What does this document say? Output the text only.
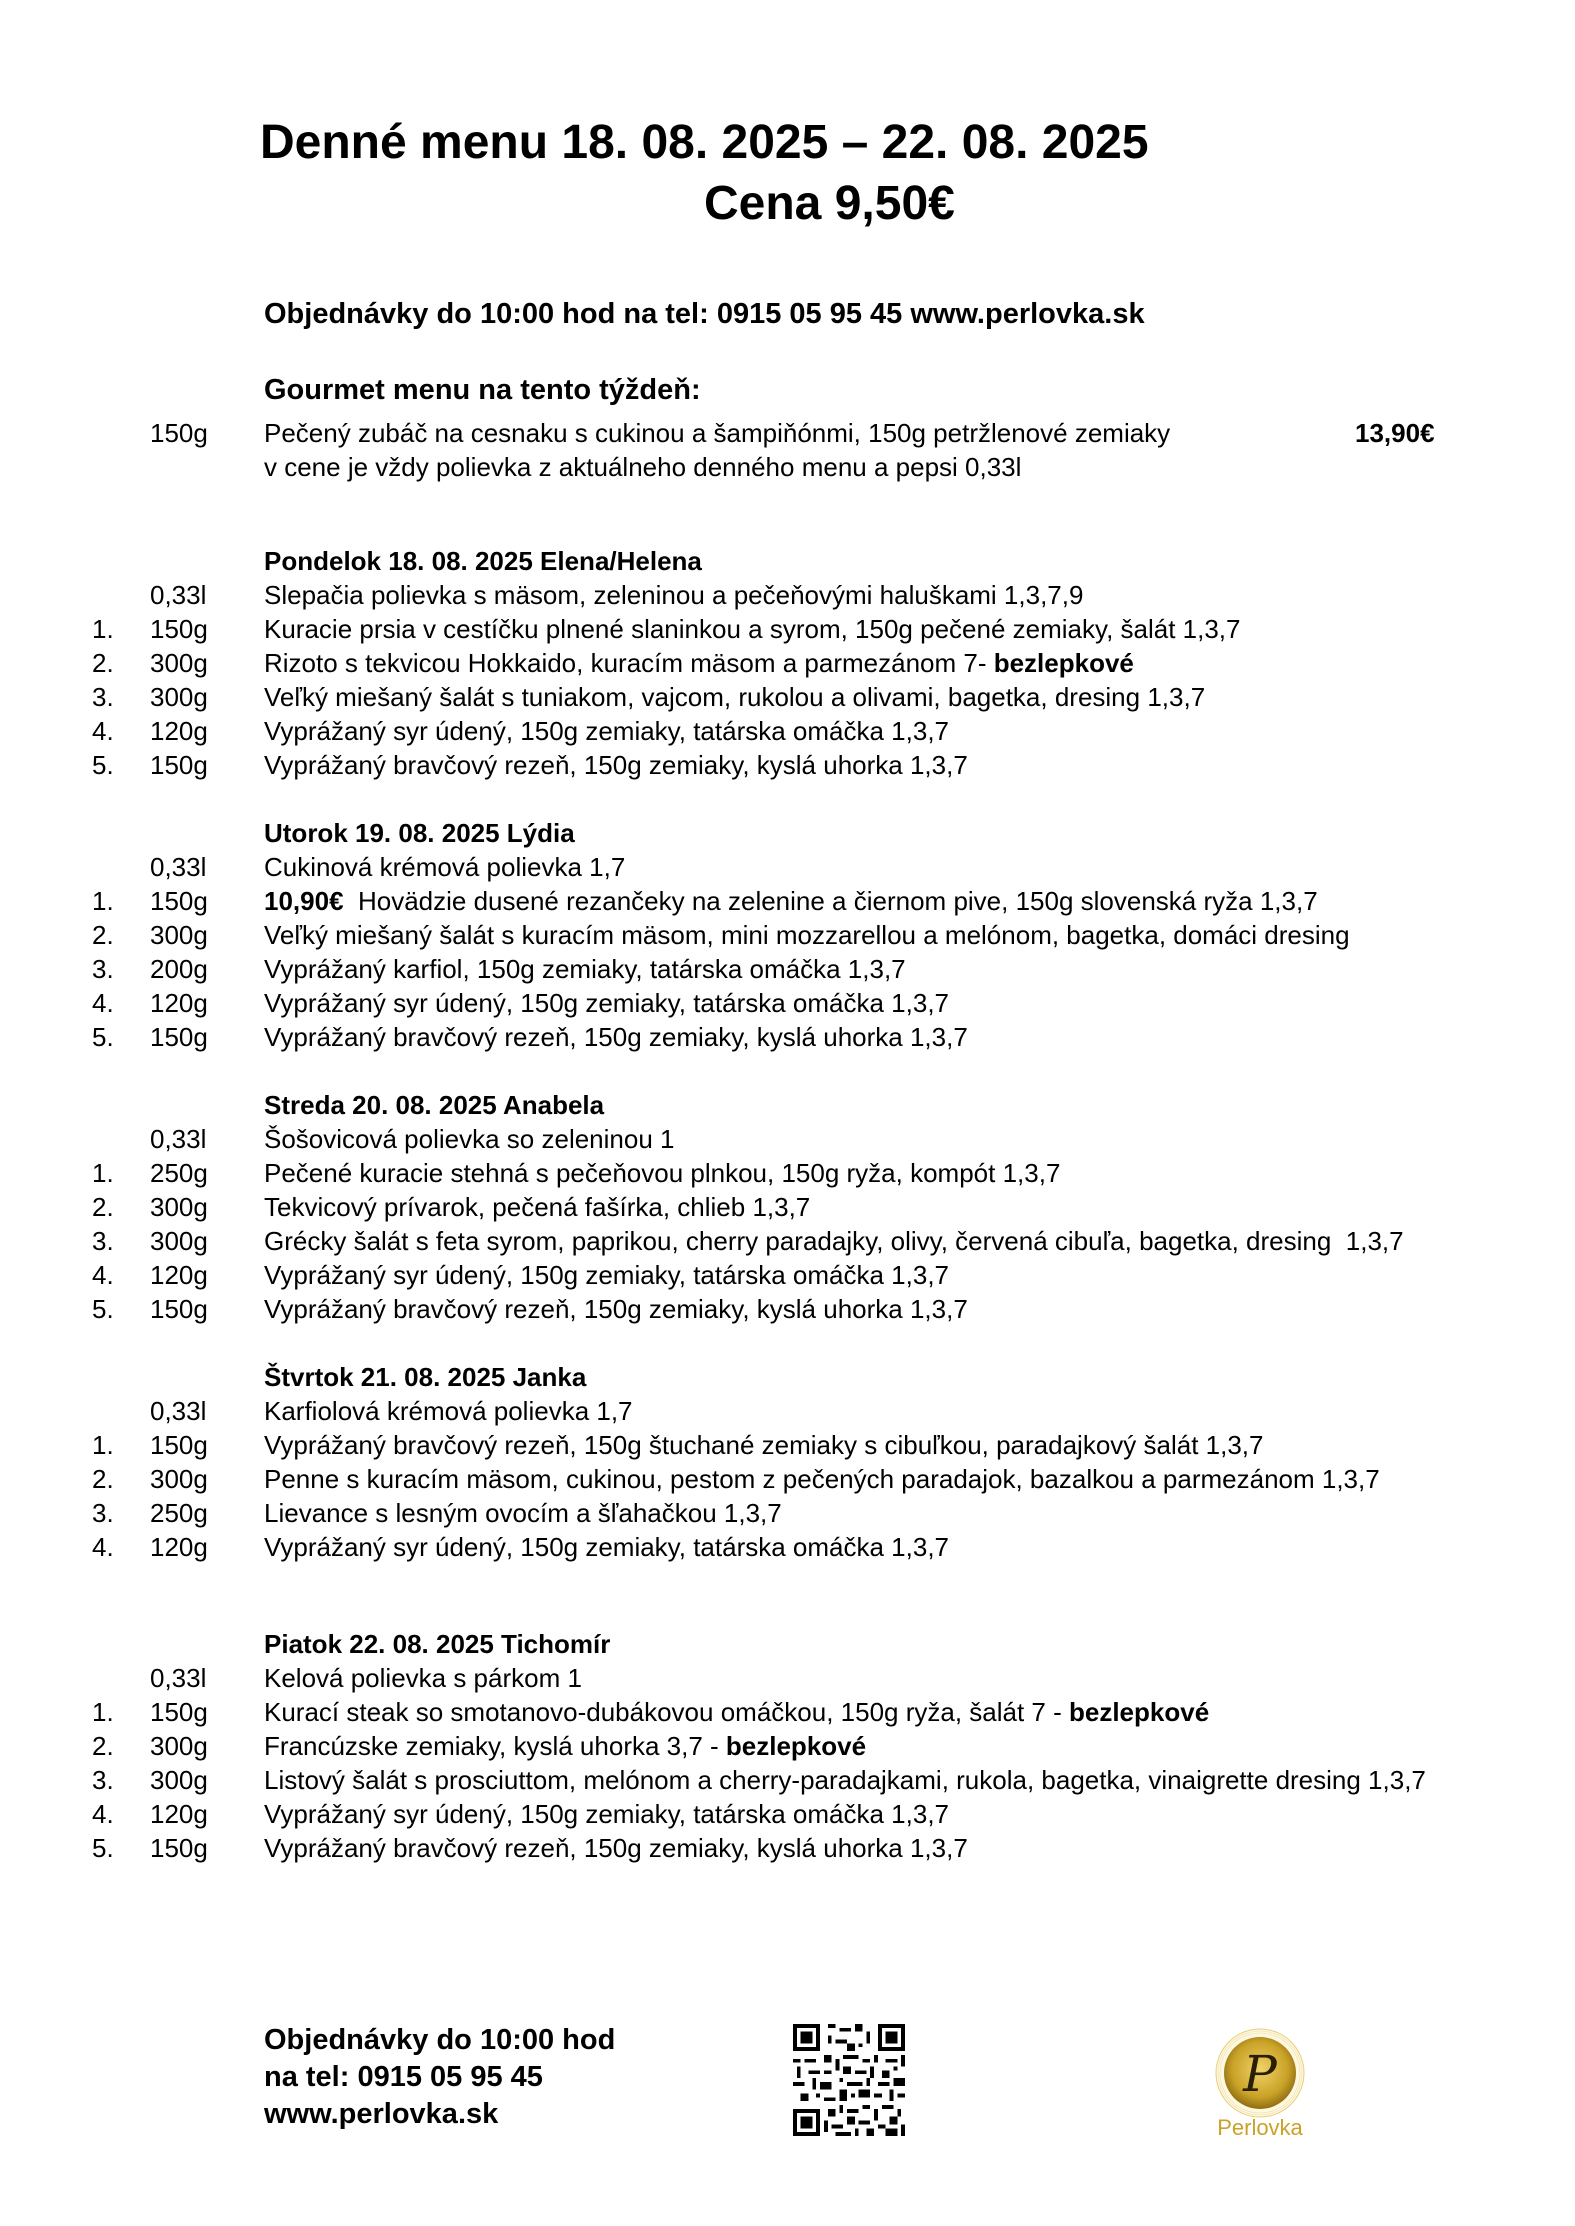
Denné menu 18. 08. 2025 – 22. 08. 2025
Cena 9,50€
Objednávky do 10:00 hod na tel: 0915 05 95 45 www.perlovka.sk
Gourmet menu na tento týždeň:
150g Pečený zubáč na cesnaku s cukinou a šampiňónmi, 150g petržlenové zemiaky	13,90€
v cene je vždy polievka z aktuálneho denného menu a pepsi 0,33l
Pondelok 18. 08. 2025 Elena/Helena
0,33l Slepačia polievka s mäsom, zeleninou a pečeňovými haluškami 1,3,7,9
1. 150g Kuracie prsia v cestíčku plnené slaninkou a syrom, 150g pečené zemiaky, šalát 1,3,7
2. 300g Rizoto s tekvicou Hokkaido, kuracím mäsom a parmezánom 7- bezlepkové
3. 300g Veľký miešaný šalát s tuniakom, vajcom, rukolou a olivami, bagetka, dresing 1,3,7
4. 120g Vyprážaný syr údený, 150g zemiaky, tatárska omáčka 1,3,7
5. 150g Vyprážaný bravčový rezeň, 150g zemiaky, kyslá uhorka 1,3,7
Utorok 19. 08. 2025 Lýdia
0,33l Cukinová krémová polievka 1,7
1. 150g 10,90€  Hovädzie dusené rezančeky na zelenine a čiernom pive, 150g slovenská ryža 1,3,7
2. 300g Veľký miešaný šalát s kuracím mäsom, mini mozzarellou a melónom, bagetka, domáci dresing
3. 200g Vyprážaný karfiol, 150g zemiaky, tatárska omáčka 1,3,7
4. 120g Vyprážaný syr údený, 150g zemiaky, tatárska omáčka 1,3,7
5. 150g Vyprážaný bravčový rezeň, 150g zemiaky, kyslá uhorka 1,3,7
Streda 20. 08. 2025 Anabela
0,33l Šošovicová polievka so zeleninou 1
1. 250g Pečené kuracie stehná s pečeňovou plnkou, 150g ryža, kompót 1,3,7
2. 300g Tekvicový prívarok, pečená fašírka, chlieb 1,3,7
3. 300g Grécky šalát s feta syrom, paprikou, cherry paradajky, olivy, červená cibuľa, bagetka, dresing  1,3,7
4. 120g Vyprážaný syr údený, 150g zemiaky, tatárska omáčka 1,3,7
5. 150g Vyprážaný bravčový rezeň, 150g zemiaky, kyslá uhorka 1,3,7
Štvrtok 21. 08. 2025 Janka
0,33l Karfiolová krémová polievka 1,7
1. 150g Vyprážaný bravčový rezeň, 150g štuchané zemiaky s cibuľkou, paradajkový šalát 1,3,7
2. 300g Penne s kuracím mäsom, cukinou, pestom z pečených paradajok, bazalkou a parmezánom 1,3,7
3. 250g Lievance s lesným ovocím a šľahačkou 1,3,7
4. 120g Vyprážaný syr údený, 150g zemiaky, tatárska omáčka 1,3,7
Piatok 22. 08. 2025 Tichomír
0,33l Kelová polievka s párkom 1
1. 150g Kurací steak so smotanovo-dubákovou omáčkou, 150g ryža, šalát 7 - bezlepkové
2. 300g Francúzske zemiaky, kyslá uhorka 3,7 - bezlepkové
3. 300g Listový šalát s prosciuttom, melónom a cherry-paradajkami, rukola, bagetka, vinaigrette dresing 1,3,7
4. 120g Vyprážaný syr údený, 150g zemiaky, tatárska omáčka 1,3,7
5. 150g Vyprážaný bravčový rezeň, 150g zemiaky, kyslá uhorka 1,3,7
Objednávky do 10:00 hod
na tel: 0915 05 95 45
www.perlovka.sk
P
Perlovka
